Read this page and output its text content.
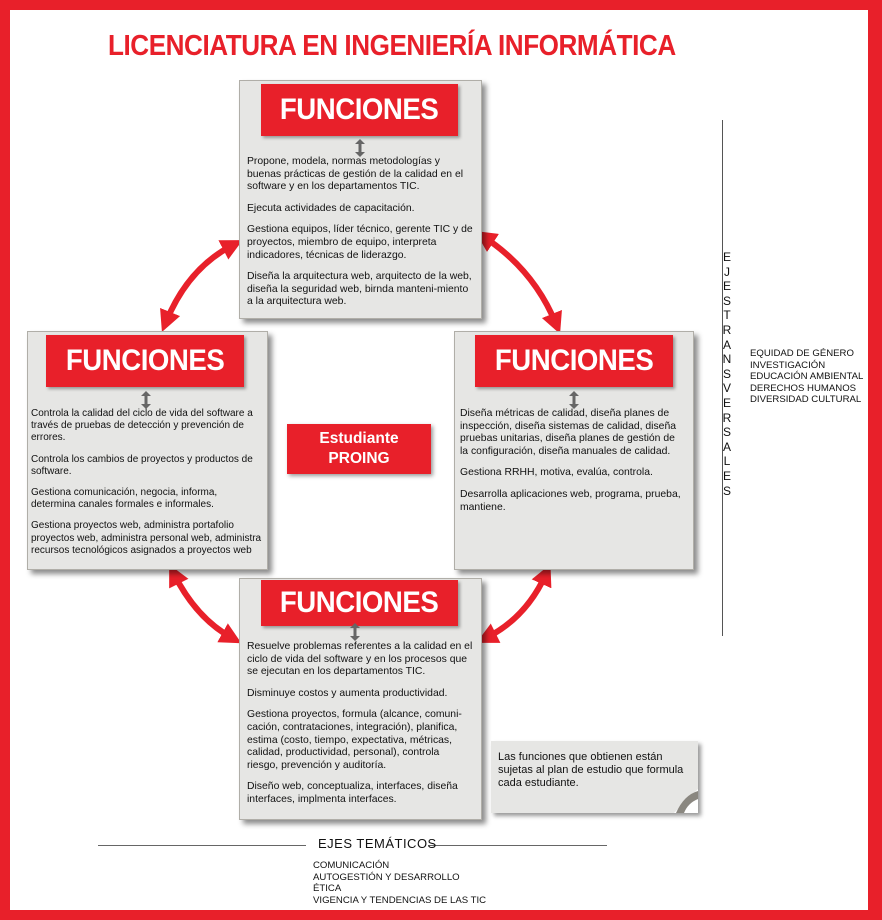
LICENCIATURA EN INGENIERÍA INFORMÁTICA
FUNCIONES

Propone, modela, normas metodologías y buenas prácticas de gestión de la calidad en el software y en los departamentos TIC.

Ejecuta actividades de capacitación.

Gestiona equipos, líder técnico, gerente TIC y de proyectos, miembro de equipo, interpreta indicadores, técnicas de liderazgo.

Diseña la arquitectura web, arquitecto de la web, diseña la seguridad web, birnda manteni-miento a la arquitectura web.

FUNCIONES

Controla la calidad del ciclo de vida del software a través de pruebas de detección y prevención de errores.

Controla los cambios de proyectos y productos de software.

Gestiona comunicación, negocia, informa, determina canales formales e informales.

Gestiona proyectos web, administra portafolio proyectos web, administra personal web, administra recursos tecnológicos asignados a proyectos web

FUNCIONES

Diseña métricas de calidad, diseña planes de inspección, diseña sistemas de calidad, diseña pruebas unitarias, diseña planes de gestión de la configuración, diseña manuales de calidad.

Gestiona RRHH, motiva, evalúa, controla.

Desarrolla aplicaciones web, programa, prueba, mantiene.

FUNCIONES

Resuelve problemas referentes a la calidad en el ciclo de vida del software y en los procesos que se ejecutan en los departamentos TIC.

Disminuye costos y aumenta productividad.

Gestiona proyectos, formula (alcance, comuni-cación, contrataciones, integración), planifica, estima (costo, tiempo, expectativa, métricas, calidad, productividad, personal), controla riesgo, prevención y auditoría.

Diseño web, conceptualiza, interfaces, diseña interfaces, implmenta interfaces.

Estudiante
PROING
Las funciones que obtienen están sujetas al plan de estudio que formula cada estudiante.
E
J
E
S
T
R
A
N
S
V
E
R
S
A
L
E
S
EQUIDAD DE GÉNERO
INVESTIGACIÓN
EDUCACIÓN AMBIENTAL
DERECHOS HUMANOS
DIVERSIDAD CULTURAL
EJES TEMÁTICOS
COMUNICACIÓN
AUTOGESTIÓN Y DESARROLLO
ÉTICA
VIGENCIA Y TENDENCIAS DE LAS TIC
